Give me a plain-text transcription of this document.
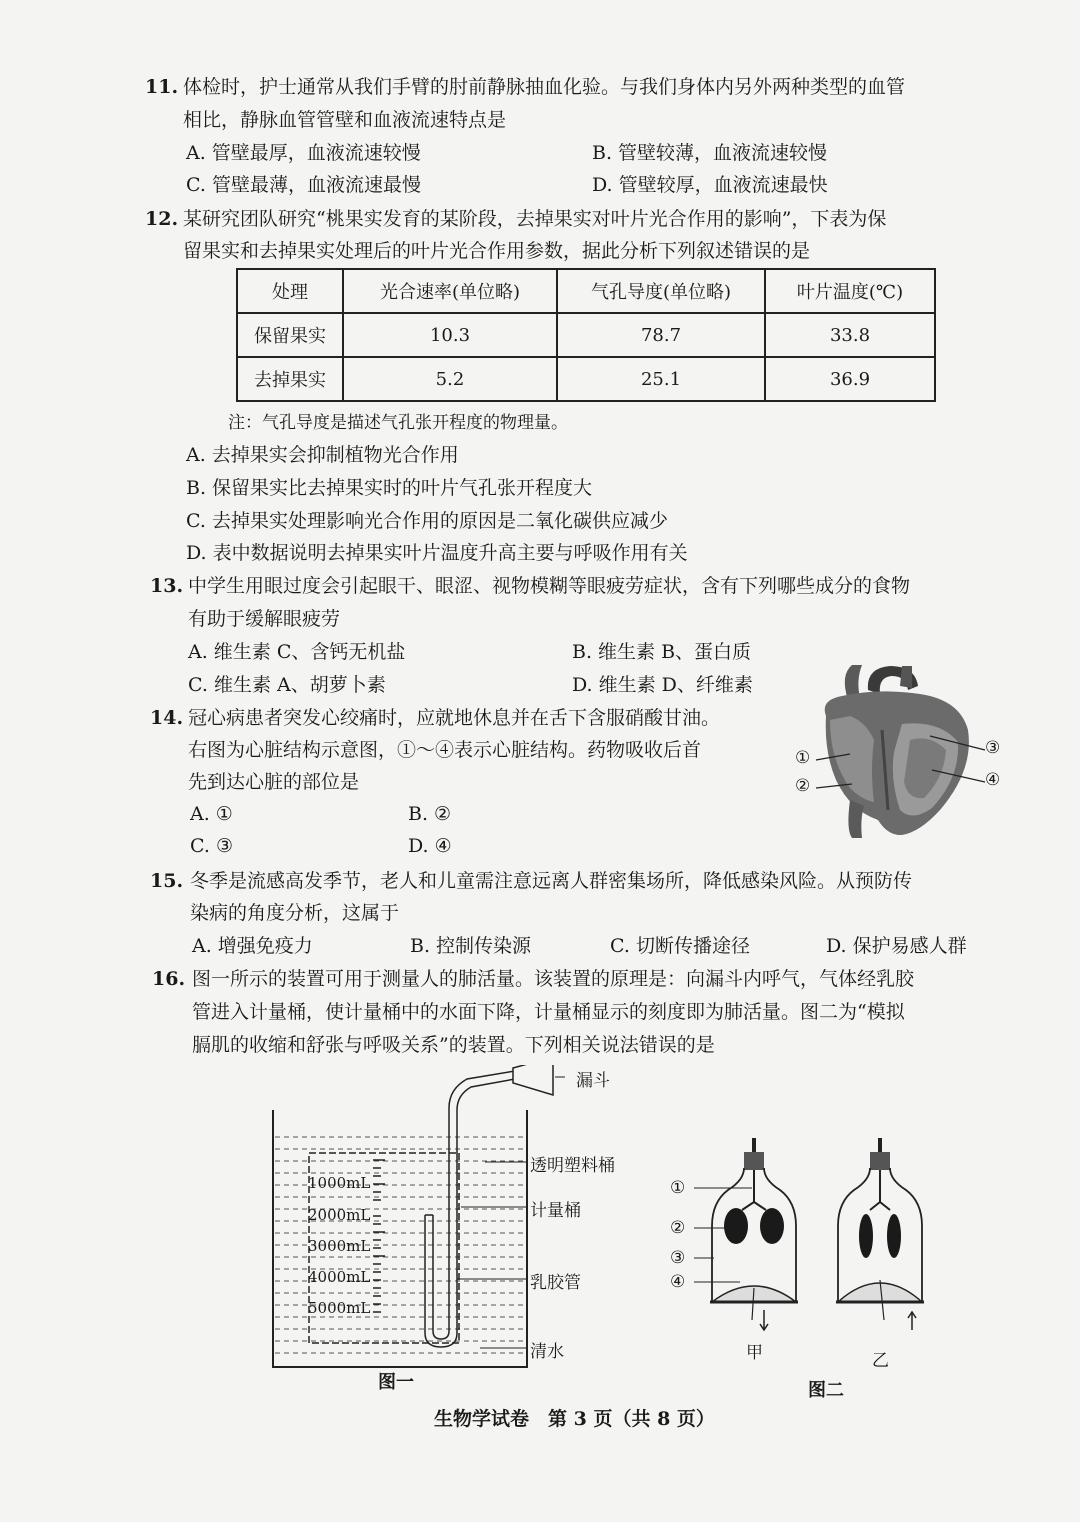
11. 体检时，护士通常从我们手臂的肘前静脉抽血化验。与我们身体内另外两种类型的血管
相比，静脉血管管壁和血液流速特点是
A. 管壁最厚，血液流速较慢	B. 管壁较薄，血液流速较慢
C. 管壁最薄，血液流速最慢	D. 管壁较厚，血液流速最快
12. 某研究团队研究“桃果实发育的某阶段，去掉果实对叶片光合作用的影响”，下表为保
留果实和去掉果实处理后的叶片光合作用参数，据此分析下列叙述错误的是
处理	光合速率(单位略)	气孔导度(单位略)	叶片温度(℃)
保留果实	10.3	78.7	33.8
去掉果实	5.2	25.1	36.9
注：气孔导度是描述气孔张开程度的物理量。
A. 去掉果实会抑制植物光合作用
B. 保留果实比去掉果实时的叶片气孔张开程度大
C. 去掉果实处理影响光合作用的原因是二氧化碳供应减少
D. 表中数据说明去掉果实叶片温度升高主要与呼吸作用有关
13. 中学生用眼过度会引起眼干、眼涩、视物模糊等眼疲劳症状，含有下列哪些成分的食物
有助于缓解眼疲劳
A. 维生素 C、含钙无机盐	B. 维生素 B、蛋白质
C. 维生素 A、胡萝卜素	D. 维生素 D、纤维素
14. 冠心病患者突发心绞痛时，应就地休息并在舌下含服硝酸甘油。
右图为心脏结构示意图，①～④表示心脏结构。药物吸收后首
先到达心脏的部位是
A. ①	B. ②
C. ③	D. ④
①
②
③
④
15. 冬季是流感高发季节，老人和儿童需注意远离人群密集场所，降低感染风险。从预防传
染病的角度分析，这属于
A. 增强免疫力	B. 控制传染源	C. 切断传播途径	D. 保护易感人群
16. 图一所示的装置可用于测量人的肺活量。该装置的原理是：向漏斗内呼气，气体经乳胶
管进入计量桶，使计量桶中的水面下降，计量桶显示的刻度即为肺活量。图二为“模拟
膈肌的收缩和舒张与呼吸关系”的装置。下列相关说法错误的是
1000mL
2000mL
3000mL
4000mL
5000mL
漏斗
透明塑料桶
计量桶
乳胶管
清水
图一
①
②
③
④
甲	乙
图二
生物学试卷　第 3 页（共 8 页）
